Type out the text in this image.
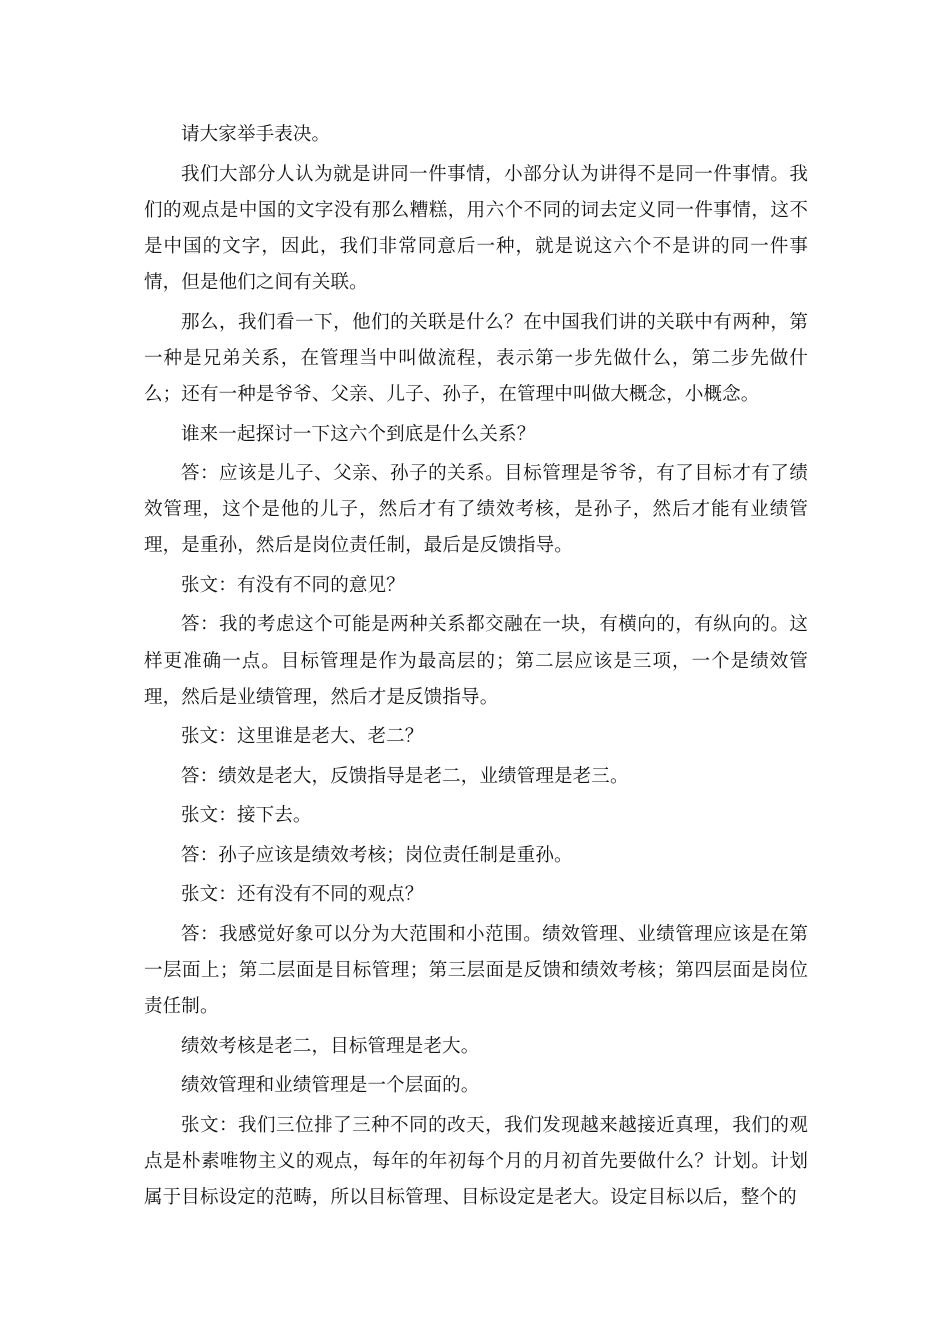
请大家举手表决。

我们大部分人认为就是讲同一件事情，小部分认为讲得不是同一件事情。我们的观点是中国的文字没有那么糟糕，用六个不同的词去定义同一件事情，这不是中国的文字，因此，我们非常同意后一种，就是说这六个不是讲的同一件事情，但是他们之间有关联。

那么，我们看一下，他们的关联是什么？在中国我们讲的关联中有两种，第一种是兄弟关系，在管理当中叫做流程，表示第一步先做什么，第二步先做什么；还有一种是爷爷、父亲、儿子、孙子，在管理中叫做大概念，小概念。

谁来一起探讨一下这六个到底是什么关系？

答：应该是儿子、父亲、孙子的关系。目标管理是爷爷，有了目标才有了绩效管理，这个是他的儿子，然后才有了绩效考核，是孙子，然后才能有业绩管理，是重孙，然后是岗位责任制，最后是反馈指导。

张文：有没有不同的意见？

答：我的考虑这个可能是两种关系都交融在一块，有横向的，有纵向的。这样更准确一点。目标管理是作为最高层的；第二层应该是三项，一个是绩效管理，然后是业绩管理，然后才是反馈指导。

张文：这里谁是老大、老二？

答：绩效是老大，反馈指导是老二，业绩管理是老三。

张文：接下去。

答：孙子应该是绩效考核；岗位责任制是重孙。

张文：还有没有不同的观点？

答：我感觉好象可以分为大范围和小范围。绩效管理、业绩管理应该是在第一层面上；第二层面是目标管理；第三层面是反馈和绩效考核；第四层面是岗位责任制。

绩效考核是老二，目标管理是老大。

绩效管理和业绩管理是一个层面的。

张文：我们三位排了三种不同的改天，我们发现越来越接近真理，我们的观点是朴素唯物主义的观点，每年的年初每个月的月初首先要做什么？计划。计划属于目标设定的范畴，所以目标管理、目标设定是老大。设定目标以后，整个的
